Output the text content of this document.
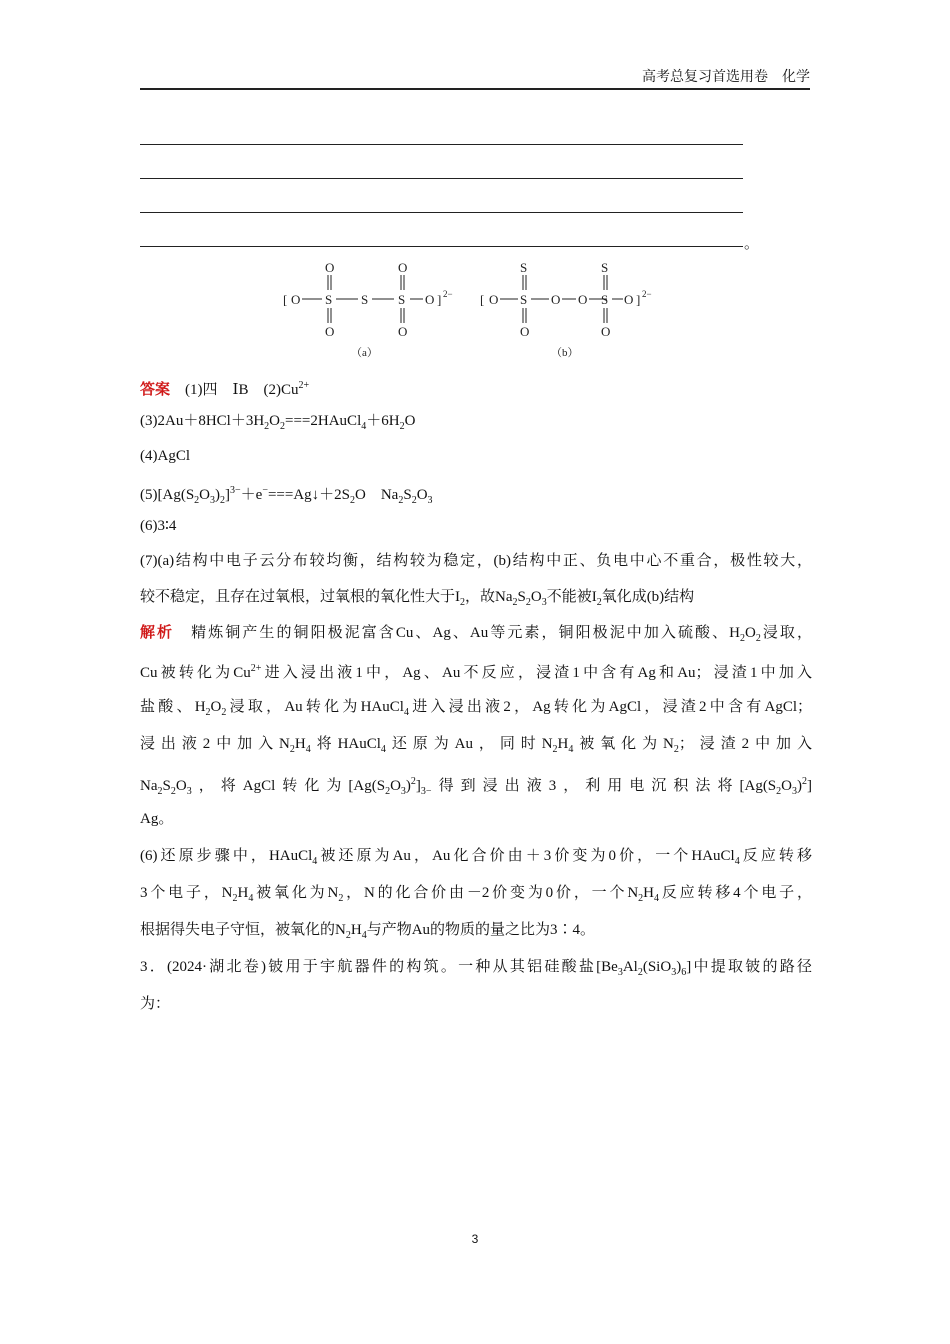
高考总复习首选用卷　化学
。
[ O S
O
O
S S
O
O
O ] 2−
（a）
[ O S
S
O
O O S
S
O
O ] 2−
（b）
答案　 (1)四　ⅠB　$(2)Cu^{2+}$
$(3)2Au+8HCl+3H_2O_2===2HAuCl_4+6H_2O$
(4)AgCl
$(5)[Ag(S_2O_3)_2]^{3-}+e^-===Ag↓+2S_2O$　$Na_2S_2O_3$
(6)3∶4
(7)(a)结构中电子云分布较均衡，结构较为稳定，(b)结构中正、负电中心不重合，极性较大，
较不稳定，且存在过氧根，过氧根的氧化性大于$I_2$，故$Na_2S_2O_3$不能被$I_2$氧化成(b)结构
解析　精炼铜产生的铜阳极泥富含Cu、Ag、Au等元素，铜阳极泥中加入硫酸、$H_2O_2$浸取，
Cu被转化为$Cu^{2+}$进入浸出液1中，Ag、Au不反应，浸渣1中含有Ag和Au；浸渣1中加入
盐酸、$H_2O_2$浸取，Au转化为HAuCl$_4$进入浸出液2，Ag转化为AgCl，浸渣2中含有AgCl；
浸出液2中加入$N_2H_4$将HAuCl$_4$还原为Au，同时$N_2H_4$被氧化为$N_2$；浸渣2中加入
$Na_2S_2O_3$，将AgCl转化为$[Ag(S_2O_3)^2]_{3-}$得到浸出液3，利用电沉积法将$[Ag(S_2O_3)^2]$
Ag。
(6)还原步骤中，HAuCl$_4$被还原为Au，Au化合价由＋3价变为0价，一个HAuCl$_4$反应转移
3个电子，$N_2H_4$被氧化为$N_2$，N的化合价由－2价变为0价，一个$N_2H_4$反应转移4个电子，
根据得失电子守恒，被氧化的$N_2H_4$与产物Au的物质的量之比为3∶4。
3．(2024·湖北卷)铍用于宇航器件的构筑。一种从其铝硅酸盐$[Be_3Al_2(SiO_3)_6]$中提取铍的路径
为：
3
